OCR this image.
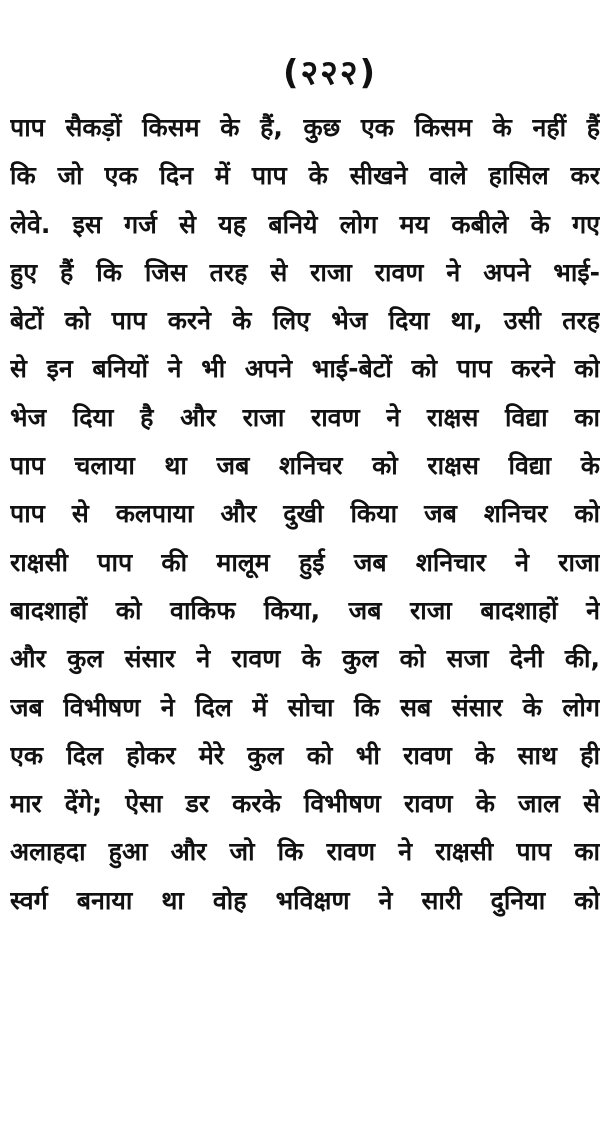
(२२२)
पाप सैकड़ों किसम के हैं, कुछ एक किसम के नहीं हैं
कि जो एक दिन में पाप के सीखने वाले हासिल कर
लेवे. इस गर्ज से यह बनिये लोग मय कबीले के गए
हुए हैं कि जिस तरह से राजा रावण ने अपने भाई-
बेटों को पाप करने के लिए भेज दिया था, उसी तरह
से इन बनियों ने भी अपने भाई-बेटों को पाप करने को
भेज दिया है और राजा रावण ने राक्षस विद्या का
पाप चलाया था जब शनिचर को राक्षस विद्या के
पाप से कलपाया और दुखी किया जब शनिचर को
राक्षसी पाप की मालूम हुई जब शनिचार ने राजा
बादशाहों को वाकिफ किया, जब राजा बादशाहों ने
और कुल संसार ने रावण के कुल को सजा देनी की,
जब विभीषण ने दिल में सोचा कि सब संसार के लोग
एक दिल होकर मेरे कुल को भी रावण के साथ ही
मार देंगे; ऐसा डर करके विभीषण रावण के जाल से
अलाहदा हुआ और जो कि रावण ने राक्षसी पाप का
स्वर्ग बनाया था वोह भविक्षण ने सारी दुनिया को
